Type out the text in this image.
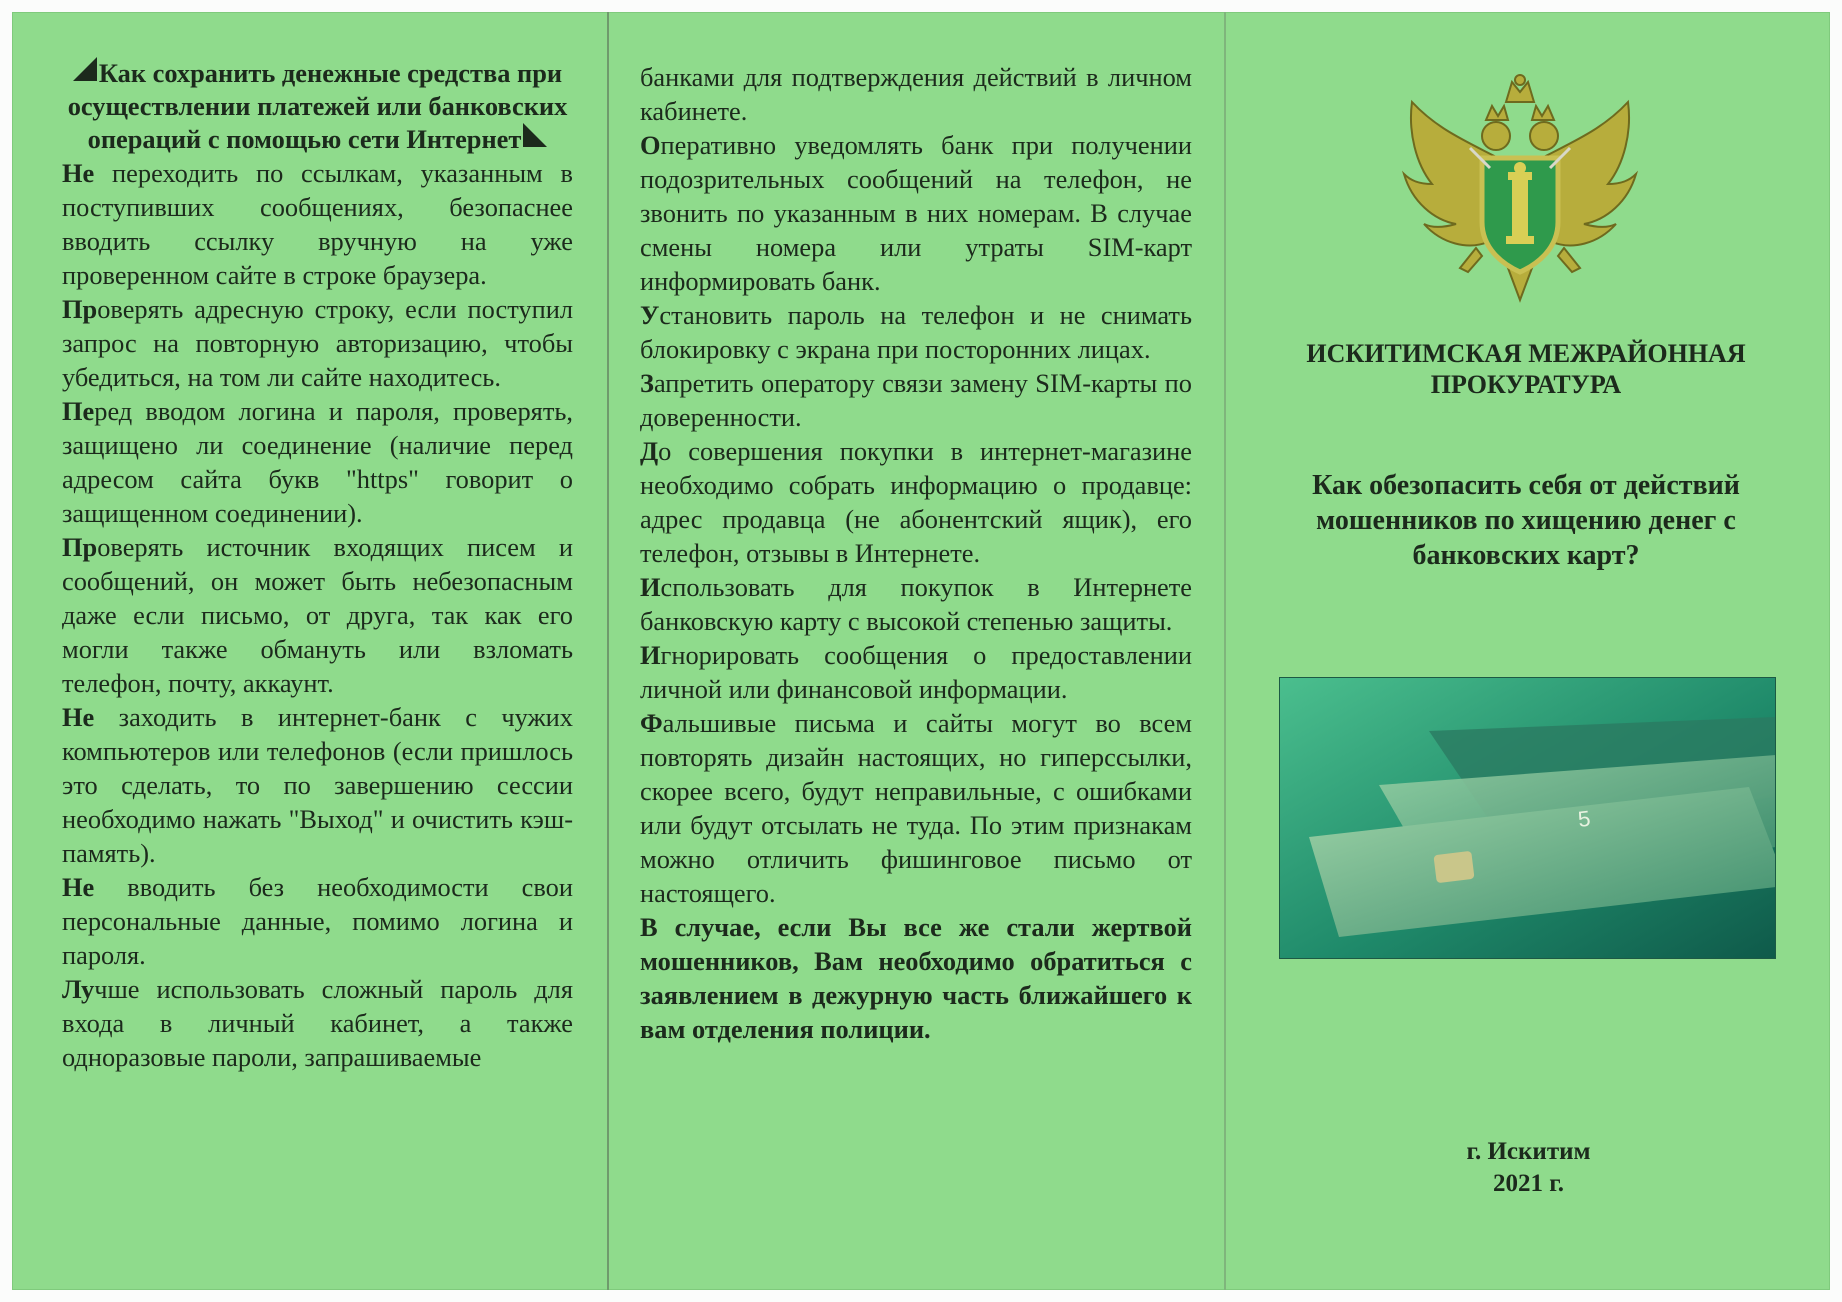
Как сохранить денежные средства при осуществлении платежей или банковских операций с помощью сети Интернет

Не переходить по ссылкам, указанным в поступивших сообщениях, безопаснее вводить ссылку вручную на уже проверенном сайте в строке браузера.

Проверять адресную строку, если поступил запрос на повторную авторизацию, чтобы убедиться, на том ли сайте находитесь.

Перед вводом логина и пароля, проверять, защищено ли соединение (наличие перед адресом сайта букв "https" говорит о защищенном соединении).

Проверять источник входящих писем и сообщений, он может быть небезопасным даже если письмо, от друга, так как его могли также обмануть или взломать телефон, почту, аккаунт.

Не заходить в интернет-банк с чужих компьютеров или телефонов (если пришлось это сделать, то по завершению сессии необходимо нажать "Выход" и очистить кэш-память).

Не вводить без необходимости свои персональные данные, помимо логина и пароля.

Лучше использовать сложный пароль для входа в личный кабинет, а также одноразовые пароли, запрашиваемые

банками для подтверждения действий в личном кабинете.

Оперативно уведомлять банк при получении подозрительных сообщений на телефон, не звонить по указанным в них номерам. В случае смены номера или утраты SIM-карт информировать банк.

Установить пароль на телефон и не снимать блокировку с экрана при посторонних лицах.

Запретить оператору связи замену SIM-карты по доверенности.

До совершения покупки в интернет-магазине необходимо собрать информацию о продавце: адрес продавца (не абонентский ящик), его телефон, отзывы в Интернете.

Использовать для покупок в Интернете банковскую карту с высокой степенью защиты.

Игнорировать сообщения о предоставлении личной или финансовой информации.

Фальшивые письма и сайты могут во всем повторять дизайн настоящих, но гиперссылки, скорее всего, будут неправильные, с ошибками или будут отсылать не туда. По этим признакам можно отличить фишинговое письмо от настоящего.

В случае, если Вы все же стали жертвой мошенников, Вам необходимо обратиться с заявлением в дежурную часть ближайшего к вам отделения полиции.

ИСКИТИМСКАЯ МЕЖРАЙОННАЯ
ПРОКУРАТУРА
Как обезопасить себя от действий мошенников по хищению денег с банковских карт?
5
г. Искитим
2021 г.
